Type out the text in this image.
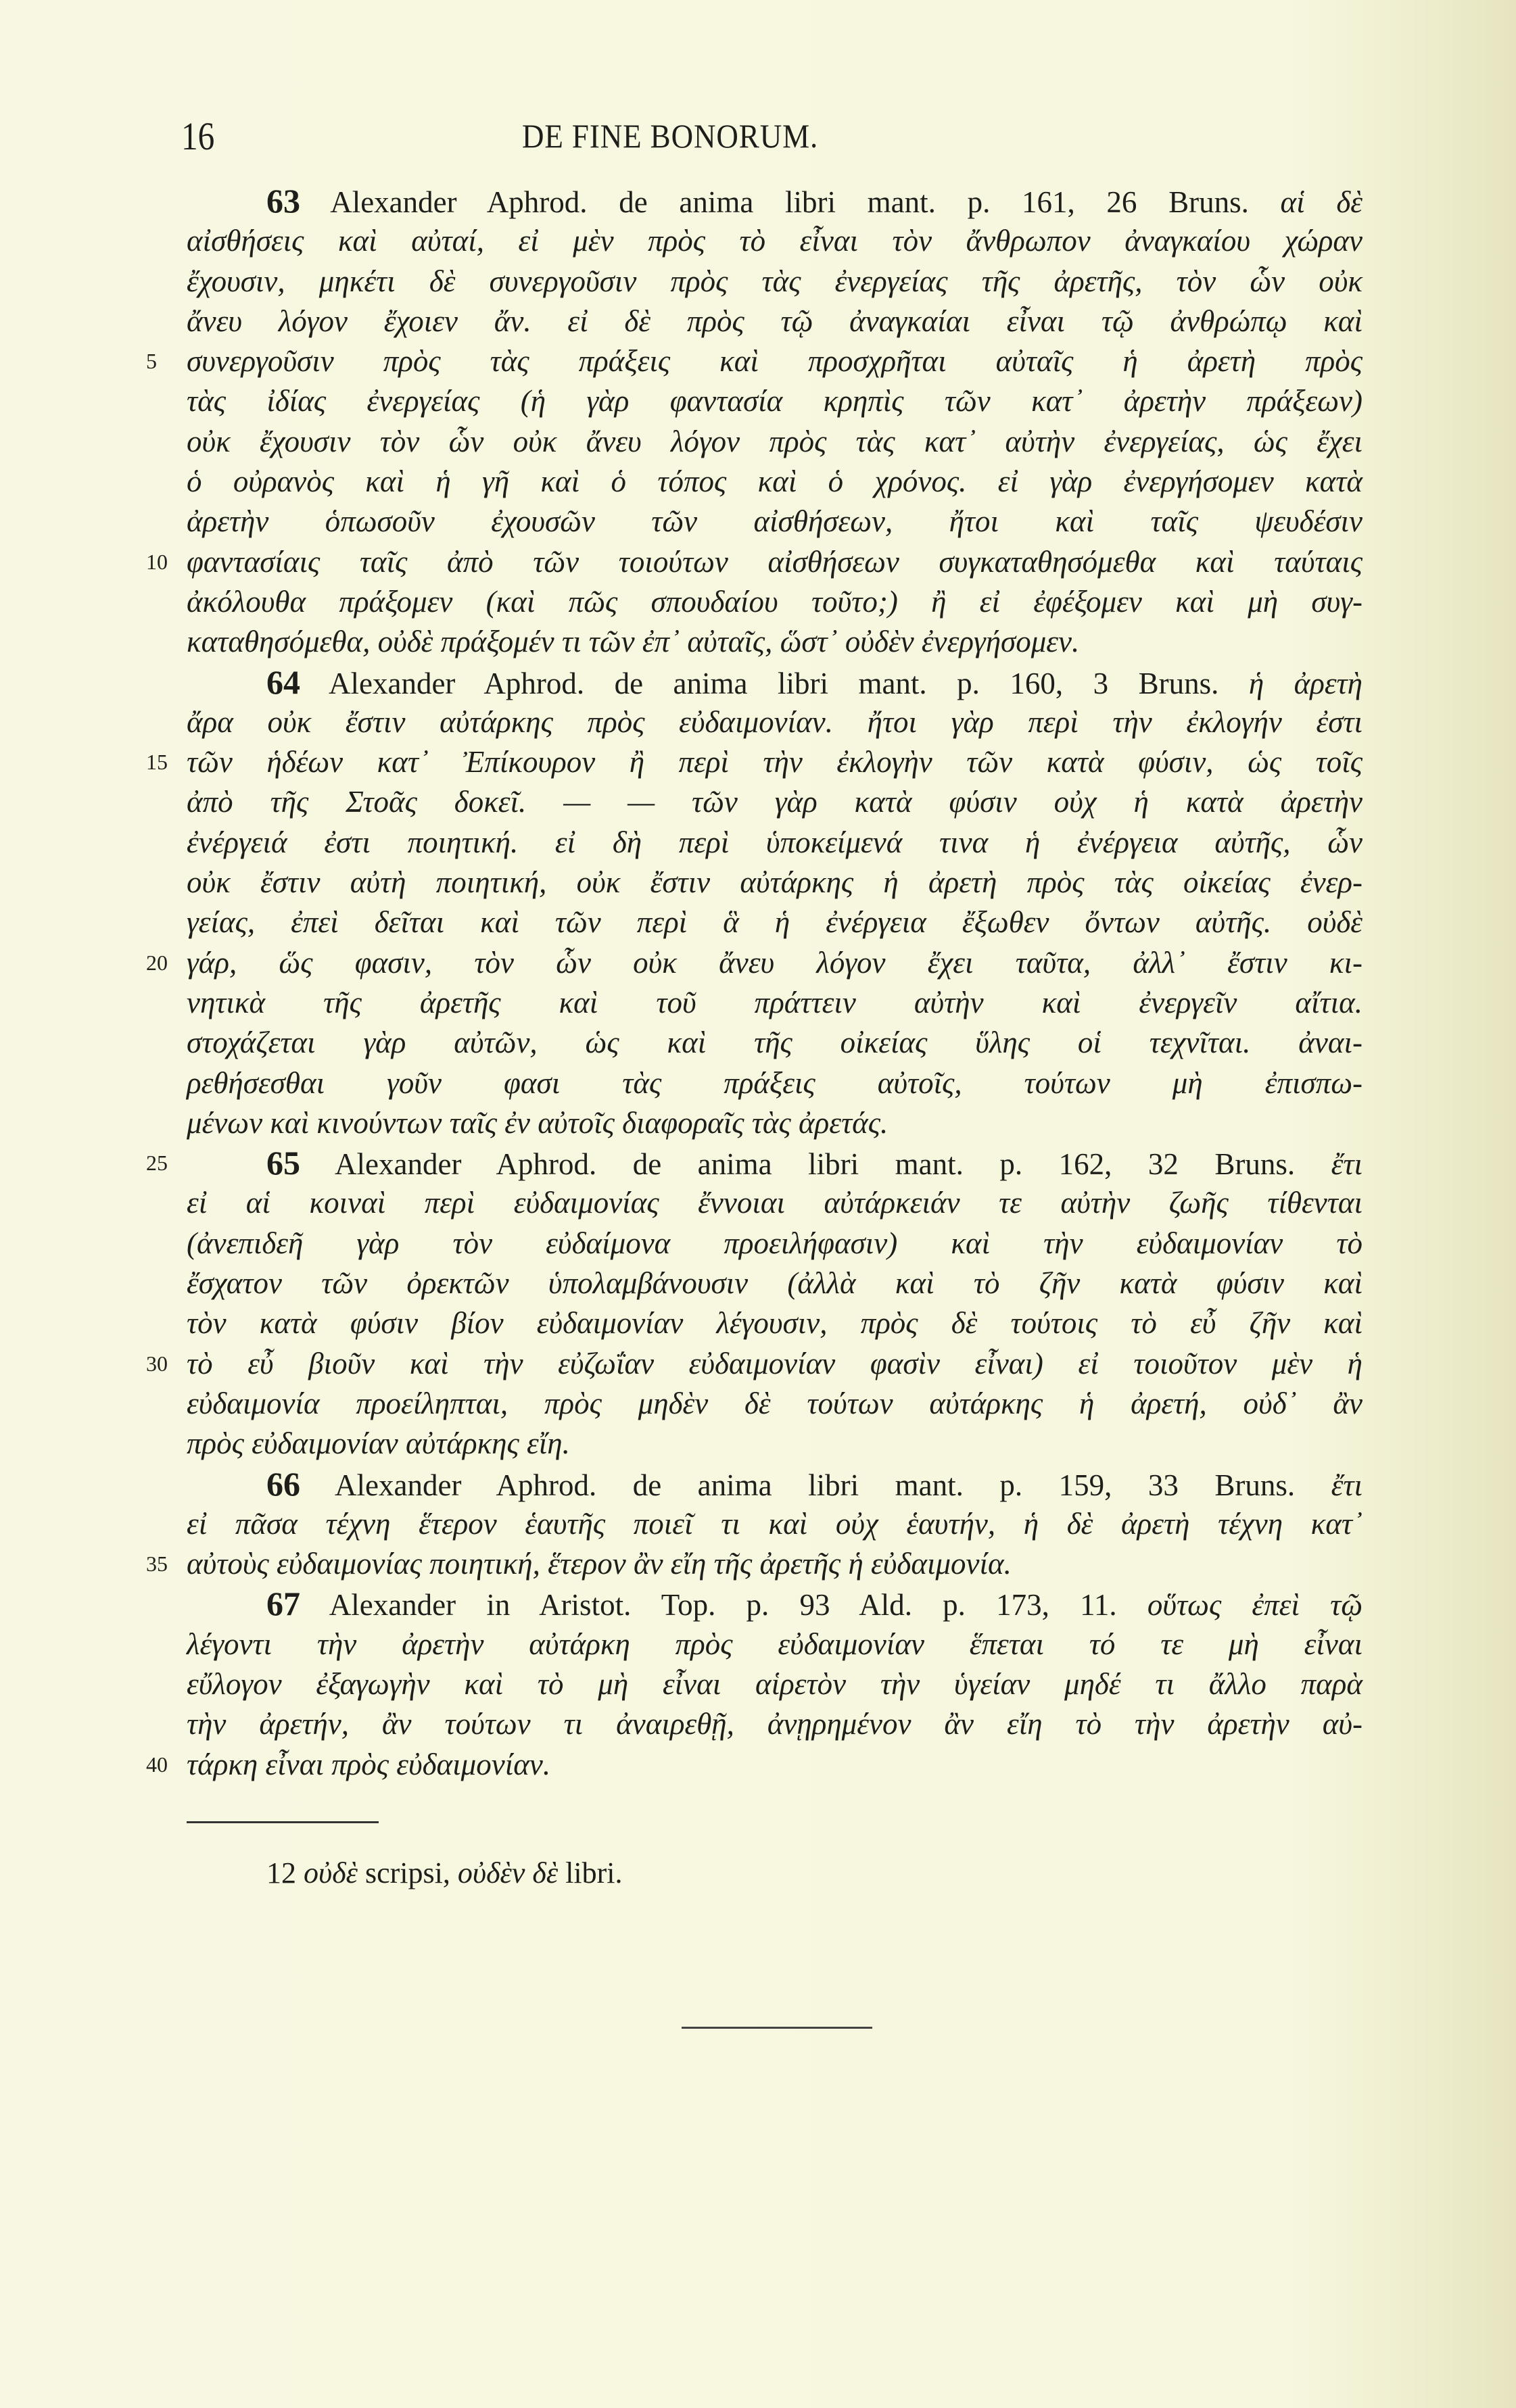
16	DE FINE BONORUM.
63 Alexander Aphrod. de anima libri mant. p. 161, 26 Bruns. αἱ δὲ
αἰσθήσεις καὶ αὐταί, εἰ μὲν πρὸς τὸ εἶναι τὸν ἄνθρωπον ἀναγκαίου χώραν
ἔχουσιν, μηκέτι δὲ συνεργοῦσιν πρὸς τὰς ἐνεργείας τῆς ἀρετῆς, τὸν ὧν οὐκ
ἄνευ λόγον ἔχοιεν ἄν. εἰ δὲ πρὸς τῷ ἀναγκαίαι εἶναι τῷ ἀνθρώπῳ καὶ
5 συνεργοῦσιν πρὸς τὰς πράξεις καὶ προσχρῆται αὐταῖς ἡ ἀρετὴ πρὸς
τὰς ἰδίας ἐνεργείας (ἡ γὰρ φαντασία κρηπὶς τῶν κατ᾽ ἀρετὴν πράξεων)
οὐκ ἔχουσιν τὸν ὧν οὐκ ἄνευ λόγον πρὸς τὰς κατ᾽ αὐτὴν ἐνεργείας, ὡς ἔχει
ὁ οὐρανὸς καὶ ἡ γῆ καὶ ὁ τόπος καὶ ὁ χρόνος. εἰ γὰρ ἐνεργήσομεν κατὰ
ἀρετὴν ὁπωσοῦν ἐχουσῶν τῶν αἰσθήσεων, ἤτοι καὶ ταῖς ψευδέσιν
10 φαντασίαις ταῖς ἀπὸ τῶν τοιούτων αἰσθήσεων συγκαταθησόμεθα καὶ ταύταις
ἀκόλουθα πράξομεν (καὶ πῶς σπουδαίου τοῦτο;) ἢ εἰ ἐφέξομεν καὶ μὴ συγ-
καταθησόμεθα, οὐδὲ πράξομέν τι τῶν ἐπ᾽ αὐταῖς, ὥστ᾽ οὐδὲν ἐνεργήσομεν.
64 Alexander Aphrod. de anima libri mant. p. 160, 3 Bruns. ἡ ἀρετὴ
ἄρα οὐκ ἔστιν αὐτάρκης πρὸς εὐδαιμονίαν. ἤτοι γὰρ περὶ τὴν ἐκλογήν ἐστι
15 τῶν ἡδέων κατ᾽ Ἐπίκουρον ἢ περὶ τὴν ἐκλογὴν τῶν κατὰ φύσιν, ὡς τοῖς
ἀπὸ τῆς Στοᾶς δοκεῖ. — — τῶν γὰρ κατὰ φύσιν οὐχ ἡ κατὰ ἀρετὴν
ἐνέργειά ἐστι ποιητική. εἰ δὴ περὶ ὑποκείμενά τινα ἡ ἐνέργεια αὐτῆς, ὧν
οὐκ ἔστιν αὐτὴ ποιητική, οὐκ ἔστιν αὐτάρκης ἡ ἀρετὴ πρὸς τὰς οἰκείας ἐνερ-
γείας, ἐπεὶ δεῖται καὶ τῶν περὶ ἃ ἡ ἐνέργεια ἔξωθεν ὄντων αὐτῆς. οὐδὲ
20 γάρ, ὥς φασιν, τὸν ὧν οὐκ ἄνευ λόγον ἔχει ταῦτα, ἀλλ᾽ ἔστιν κι-
νητικὰ τῆς ἀρετῆς καὶ τοῦ πράττειν αὐτὴν καὶ ἐνεργεῖν αἴτια.
στοχάζεται γὰρ αὐτῶν, ὡς καὶ τῆς οἰκείας ὕλης οἱ τεχνῖται. ἀναι-
ρεθήσεσθαι γοῦν φασι τὰς πράξεις αὐτοῖς, τούτων μὴ ἐπισπω-
μένων καὶ κινούντων ταῖς ἐν αὐτοῖς διαφοραῖς τὰς ἀρετάς.
25	65 Alexander Aphrod. de anima libri mant. p. 162, 32 Bruns. ἔτι
εἰ αἱ κοιναὶ περὶ εὐδαιμονίας ἔννοιαι αὐτάρκειάν τε αὐτὴν ζωῆς τίθενται
(ἀνεπιδεῆ γὰρ τὸν εὐδαίμονα προειλήφασιν) καὶ τὴν εὐδαιμονίαν τὸ
ἔσχατον τῶν ὀρεκτῶν ὑπολαμβάνουσιν (ἀλλὰ καὶ τὸ ζῆν κατὰ φύσιν καὶ
τὸν κατὰ φύσιν βίον εὐδαιμονίαν λέγουσιν, πρὸς δὲ τούτοις τὸ εὖ ζῆν καὶ
30 τὸ εὖ βιοῦν καὶ τὴν εὐζωΐαν εὐδαιμονίαν φασὶν εἶναι) εἰ τοιοῦτον μὲν ἡ
εὐδαιμονία προείληπται, πρὸς μηδὲν δὲ τούτων αὐτάρκης ἡ ἀρετή, οὐδ᾽ ἂν
πρὸς εὐδαιμονίαν αὐτάρκης εἴη.
66 Alexander Aphrod. de anima libri mant. p. 159, 33 Bruns. ἔτι
εἰ πᾶσα τέχνη ἕτερον ἑαυτῆς ποιεῖ τι καὶ οὐχ ἑαυτήν, ἡ δὲ ἀρετὴ τέχνη κατ᾽
35 αὐτοὺς εὐδαιμονίας ποιητική, ἕτερον ἂν εἴη τῆς ἀρετῆς ἡ εὐδαιμονία.
67 Alexander in Aristot. Top. p. 93 Ald. p. 173, 11. οὕτως ἐπεὶ τῷ
λέγοντι τὴν ἀρετὴν αὐτάρκη πρὸς εὐδαιμονίαν ἕπεται τό τε μὴ εἶναι
εὔλογον ἐξαγωγὴν καὶ τὸ μὴ εἶναι αἱρετὸν τὴν ὑγείαν μηδέ τι ἄλλο παρὰ
τὴν ἀρετήν, ἂν τούτων τι ἀναιρεθῇ, ἀνῃρημένον ἂν εἴη τὸ τὴν ἀρετὴν αὐ-
40 τάρκη εἶναι πρὸς εὐδαιμονίαν.
12 οὐδὲ scripsi, οὐδὲν δὲ libri.
